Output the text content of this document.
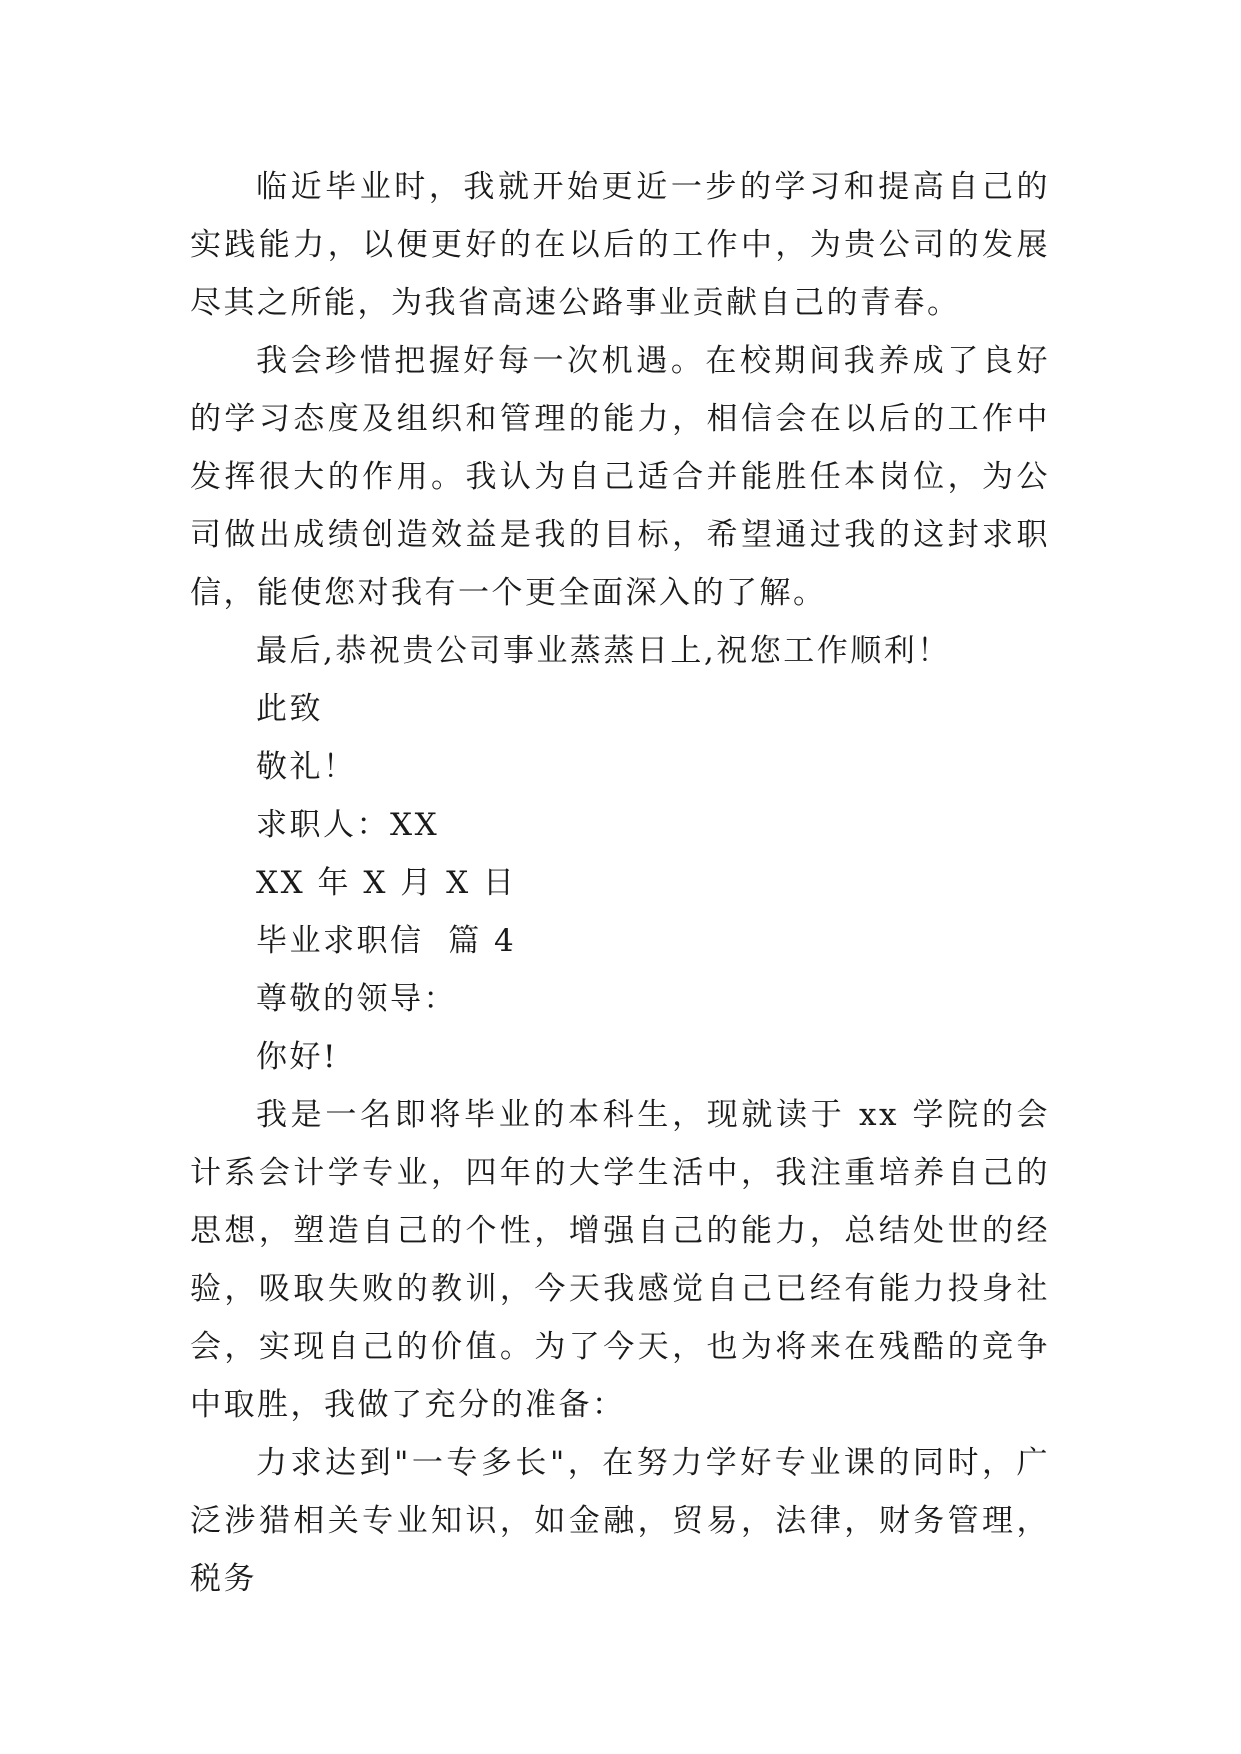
临近毕业时，我就开始更近一步的学习和提高自己的实践能力，以便更好的在以后的工作中，为贵公司的发展尽其之所能，为我省高速公路事业贡献自己的青春。

我会珍惜把握好每一次机遇。在校期间我养成了良好的学习态度及组织和管理的能力，相信会在以后的工作中发挥很大的作用。我认为自己适合并能胜任本岗位，为公司做出成绩创造效益是我的目标，希望通过我的这封求职信，能使您对我有一个更全面深入的了解。

最后,恭祝贵公司事业蒸蒸日上,祝您工作顺利！

此致

敬礼！

求职人：XX

XX 年 X 月 X 日

毕业求职信  篇 4

尊敬的领导：

你好!

我是一名即将毕业的本科生，现就读于 xx 学院的会计系会计学专业，四年的大学生活中，我注重培养自己的思想，塑造自己的个性，增强自己的能力，总结处世的经验，吸取失败的教训，今天我感觉自己已经有能力投身社会，实现自己的价值。为了今天，也为将来在残酷的竞争中取胜，我做了充分的准备：

力求达到"一专多长"，在努力学好专业课的同时，广泛涉猎相关专业知识，如金融，贸易，法律，财务管理，税务
